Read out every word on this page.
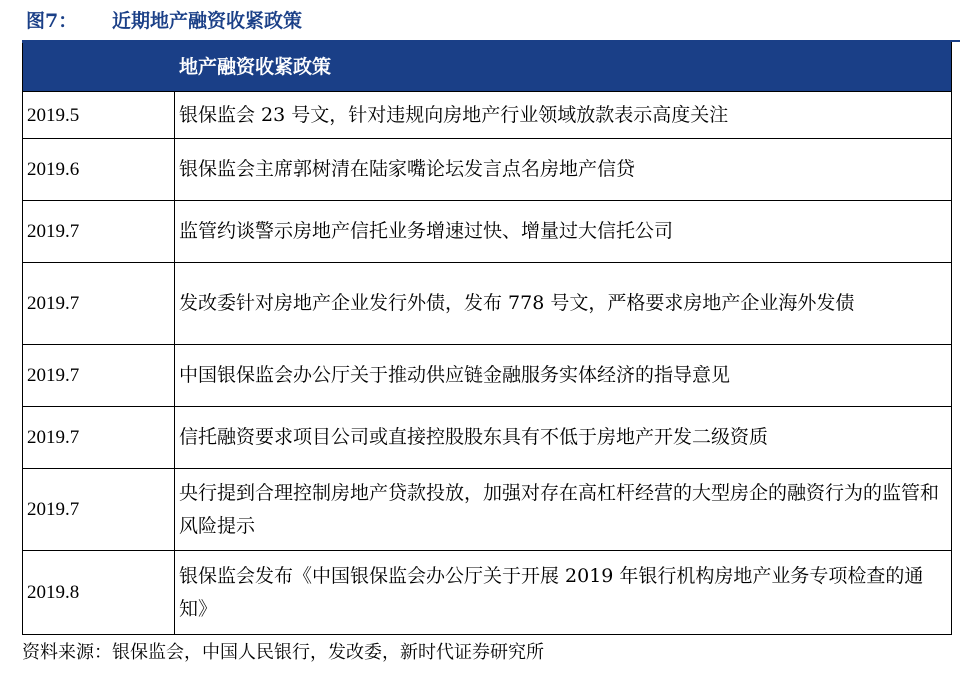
图7： 近期地产融资收紧政策
	地产融资收紧政策
2019.5	银保监会 23 号文，针对违规向房地产行业领域放款表示高度关注
2019.6	银保监会主席郭树清在陆家嘴论坛发言点名房地产信贷
2019.7	监管约谈警示房地产信托业务增速过快、增量过大信托公司
2019.7	发改委针对房地产企业发行外债，发布 778 号文，严格要求房地产企业海外发债
2019.7	中国银保监会办公厅关于推动供应链金融服务实体经济的指导意见
2019.7	信托融资要求项目公司或直接控股股东具有不低于房地产开发二级资质
2019.7	央行提到合理控制房地产贷款投放，加强对存在高杠杆经营的大型房企的融资行为的监管和风险提示
2019.8	银保监会发布《中国银保监会办公厅关于开展 2019 年银行机构房地产业务专项检查的通知》
资料来源：银保监会，中国人民银行，发改委，新时代证券研究所
